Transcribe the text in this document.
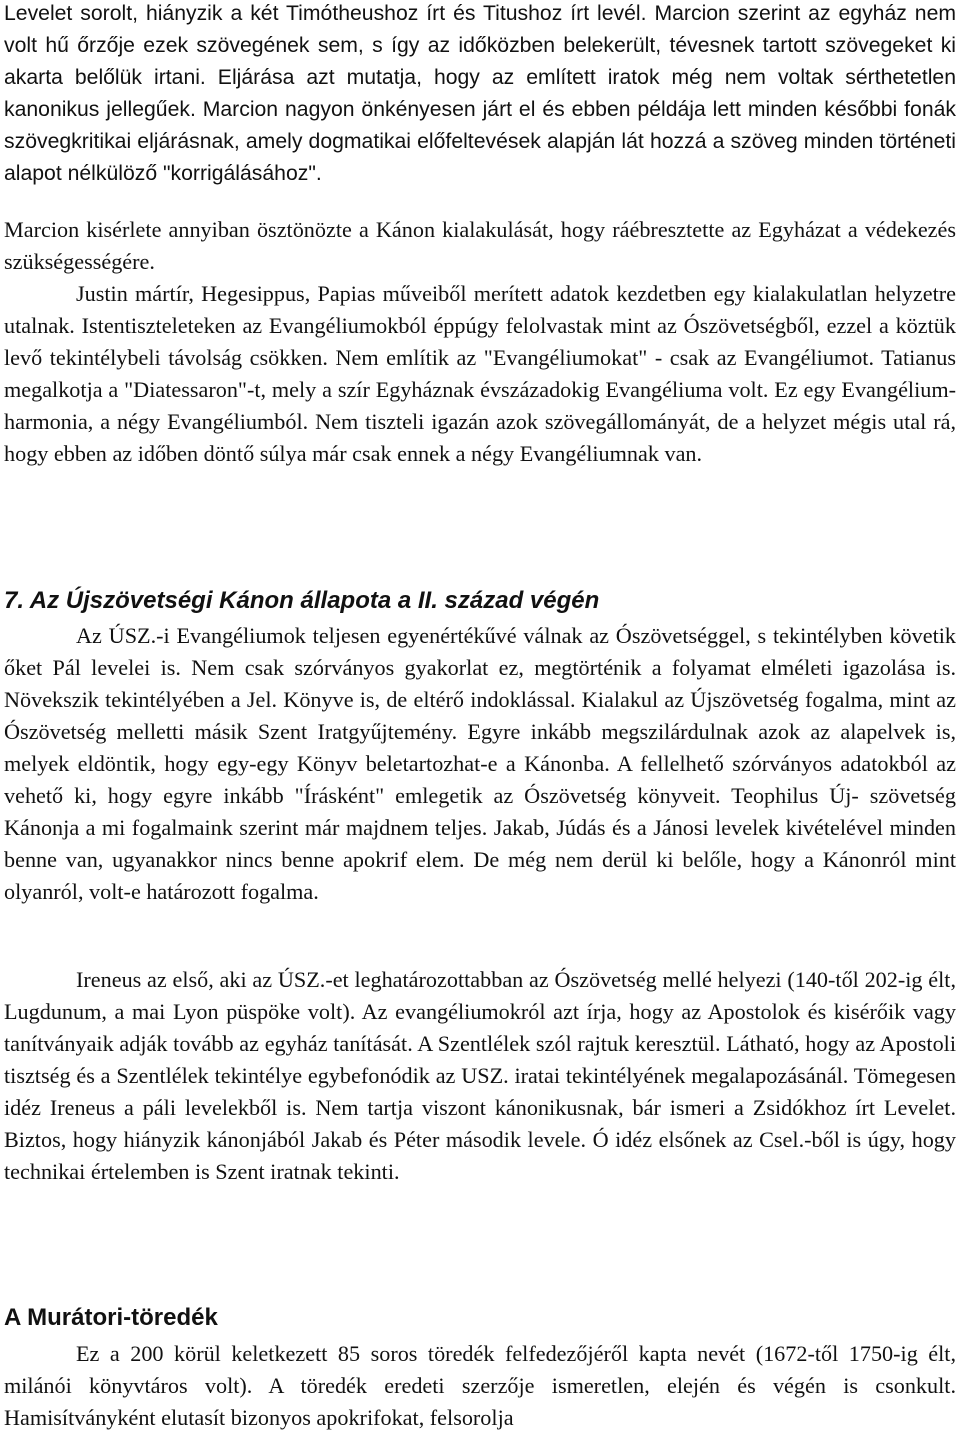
Levelet sorolt, hiányzik a két Timótheushoz írt és Titushoz írt levél. Marcion szerint az egyház nem volt hű őrzője ezek szövegének sem, s így az időközben belekerült, tévesnek tartott szövegeket ki akarta belőlük irtani. Eljárása azt mutatja, hogy az említett iratok még nem voltak sérthetetlen kanonikus jellegűek. Marcion nagyon önkényesen járt el és ebben példája lett minden későbbi fonák szövegkritikai eljárásnak, amely dogmatikai előfeltevések alapján lát hozzá a szöveg minden történeti alapot nélkülöző "korrigálásához".

Marcion kisérlete annyiban ösztönözte a Kánon kialakulását, hogy ráébresztette az Egyházat a védekezés szükségességére.

Justin mártír, Hegesippus, Papias műveiből merített adatok kezdetben egy kialakulatlan helyzetre utalnak. Istentiszteleteken az Evangéliumokból éppúgy felolvastak mint az Ószövetségből, ezzel a köztük levő tekintélybeli távolság csökken. Nem említik az "Evangéliumokat" - csak az Evangéliumot. Tatianus megalkotja a "Diatessaron"-t, mely a szír Egyháznak évszázadokig Evangéliuma volt. Ez egy Evangélium-harmonia, a négy Evangéliumból. Nem tiszteli igazán azok szövegállományát, de a helyzet mégis utal rá, hogy ebben az időben döntő súlya már csak ennek a négy Evangéliumnak van.

7. Az Újszövetségi Kánon állapota a II. század végén

Az ÚSZ.-i Evangéliumok teljesen egyenértékűvé válnak az Ószövetséggel, s tekintélyben követik őket Pál levelei is. Nem csak szórványos gyakorlat ez, megtörténik a folyamat elméleti igazolása is. Növekszik tekintélyében a Jel. Könyve is, de eltérő indoklással. Kialakul az Újszövetség fogalma, mint az Ószövetség melletti másik Szent Iratgyűjtemény. Egyre inkább megszilárdulnak azok az alapelvek is, melyek eldöntik, hogy egy-egy Könyv beletartozhat-e a Kánonba. A fellelhető szórványos adatokból az vehető ki, hogy egyre inkább "Írásként" emlegetik az Ószövetség könyveit. Teophilus Új- szövetség Kánonja a mi fogalmaink szerint már majdnem teljes. Jakab, Júdás és a Jánosi levelek kivételével minden benne van, ugyanakkor nincs benne apokrif elem. De még nem derül ki belőle, hogy a Kánonról mint olyanról, volt-e határozott fogalma.

Ireneus az első, aki az ÚSZ.-et leghatározottabban az Ószövetség mellé helyezi (140-től 202-ig élt, Lugdunum, a mai Lyon püspöke volt). Az evangéliumokról azt írja, hogy az Apostolok és kisérőik vagy tanítványaik adják tovább az egyház tanítását. A Szentlélek szól rajtuk keresztül. Látható, hogy az Apostoli tisztség és a Szentlélek tekintélye egybefonódik az USZ. iratai tekintélyének megalapozásánál. Tömegesen idéz Ireneus a páli levelekből is. Nem tartja viszont kánonikusnak, bár ismeri a Zsidókhoz írt Levelet. Biztos, hogy hiányzik kánonjából Jakab és Péter második levele. Ó idéz elsőnek az Csel.-ből is úgy, hogy technikai értelemben is Szent iratnak tekinti.

A Murátori-töredék

Ez a 200 körül keletkezett 85 soros töredék felfedezőjéről kapta nevét (1672-től 1750-ig élt, milánói könyvtáros volt). A töredék eredeti szerzője ismeretlen, elején és végén is csonkult. Hamisítványként elutasít bizonyos apokrifokat, felsorolja
